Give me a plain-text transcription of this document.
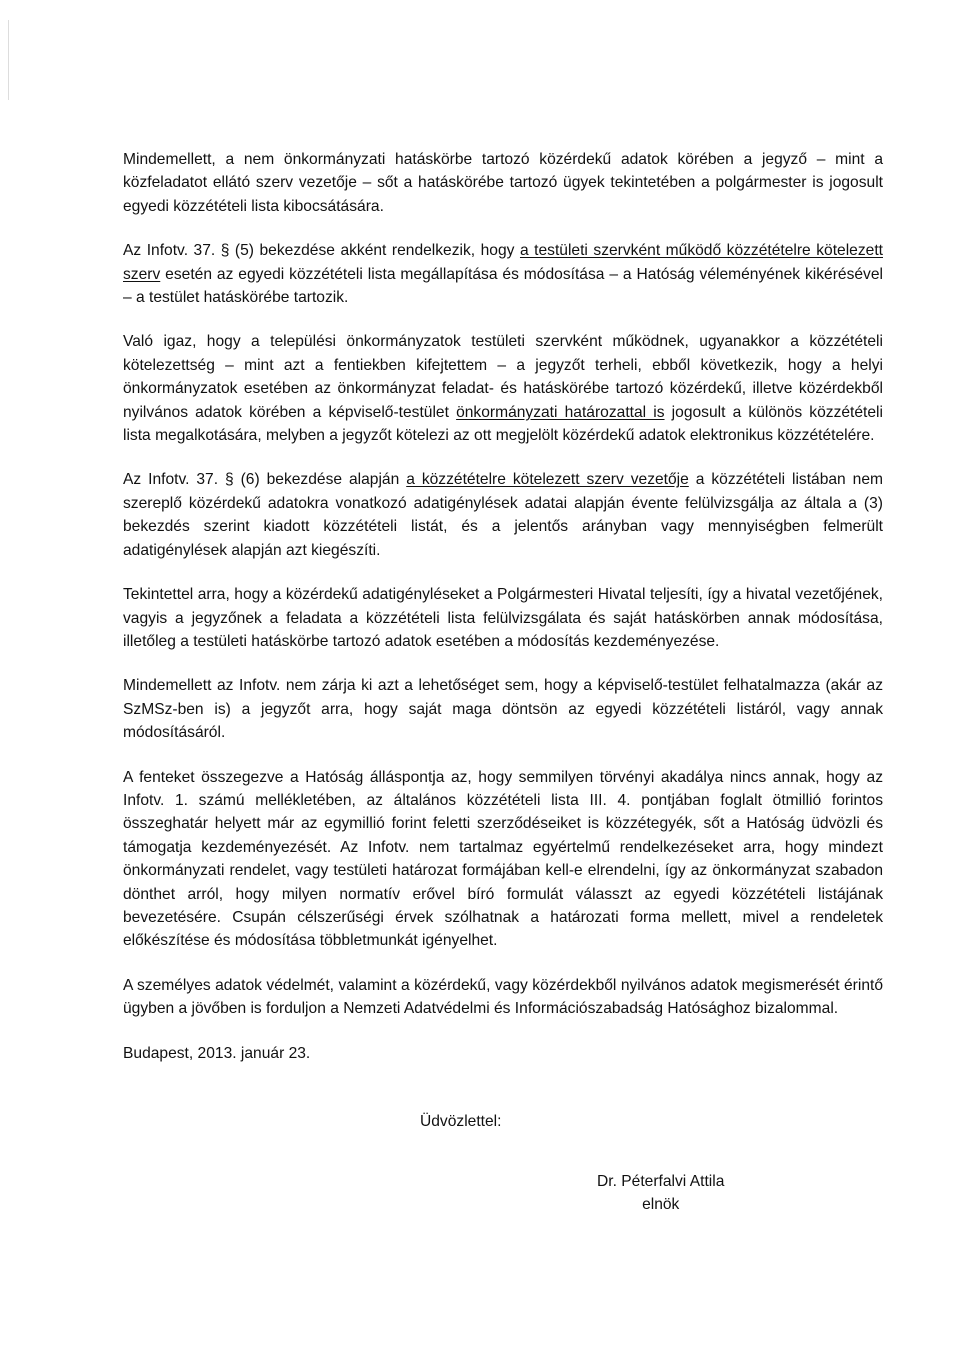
Mindemellett, a nem önkormányzati hatáskörbe tartozó közérdekű adatok körében a jegyző – mint a közfeladatot ellátó szerv vezetője – sőt a hatáskörébe tartozó ügyek tekintetében a polgármester is jogosult egyedi közzétételi lista kibocsátására.

Az Infotv. 37. § (5) bekezdése akként rendelkezik, hogy a testületi szervként működő közzétételre kötelezett szerv esetén az egyedi közzétételi lista megállapítása és módosítása – a Hatóság véleményének kikérésével – a testület hatáskörébe tartozik.

Való igaz, hogy a települési önkormányzatok testületi szervként működnek, ugyanakkor a közzétételi kötelezettség – mint azt a fentiekben kifejtettem – a jegyzőt terheli, ebből következik, hogy a helyi önkormányzatok esetében az önkormányzat feladat- és hatáskörébe tartozó közérdekű, illetve közérdekből nyilvános adatok körében a képviselő-testület önkormányzati határozattal is jogosult a különös közzétételi lista megalkotására, melyben a jegyzőt kötelezi az ott megjelölt közérdekű adatok elektronikus közzétételére.

Az Infotv. 37. § (6) bekezdése alapján a közzétételre kötelezett szerv vezetője a közzétételi listában nem szereplő közérdekű adatokra vonatkozó adatigénylések adatai alapján évente felülvizsgálja az általa a (3) bekezdés szerint kiadott közzétételi listát, és a jelentős arányban vagy mennyiségben felmerült adatigénylések alapján azt kiegészíti.

Tekintettel arra, hogy a közérdekű adatigényléseket a Polgármesteri Hivatal teljesíti, így a hivatal vezetőjének, vagyis a jegyzőnek a feladata a közzétételi lista felülvizsgálata és saját hatáskörben annak módosítása, illetőleg a testületi hatáskörbe tartozó adatok esetében a módosítás kezdeményezése.

Mindemellett az Infotv. nem zárja ki azt a lehetőséget sem, hogy a képviselő-testület felhatalmazza (akár az SzMSz-ben is) a jegyzőt arra, hogy saját maga döntsön az egyedi közzétételi listáról, vagy annak módosításáról.

A fenteket összegezve a Hatóság álláspontja az, hogy semmilyen törvényi akadálya nincs annak, hogy az Infotv. 1. számú mellékletében, az általános közzétételi lista III. 4. pontjában foglalt ötmillió forintos összeghatár helyett már az egymillió forint feletti szerződéseiket is közzétegyék, sőt a Hatóság üdvözli és támogatja kezdeményezését. Az Infotv. nem tartalmaz egyértelmű rendelkezéseket arra, hogy mindezt önkormányzati rendelet, vagy testületi határozat formájában kell-e elrendelni, így az önkormányzat szabadon dönthet arról, hogy milyen normatív erővel bíró formulát válasszt az egyedi közzétételi listájának bevezetésére. Csupán célszerűségi érvek szólhatnak a határozati forma mellett, mivel a rendeletek előkészítése és módosítása többletmunkát igényelhet.

A személyes adatok védelmét, valamint a közérdekű, vagy közérdekből nyilvános adatok megismerését érintő ügyben a jövőben is forduljon a Nemzeti Adatvédelmi és Információszabadság Hatósághoz bizalommal.

Budapest, 2013. január 23.

Üdvözlettel:
Dr. Péterfalvi Attila
elnök
